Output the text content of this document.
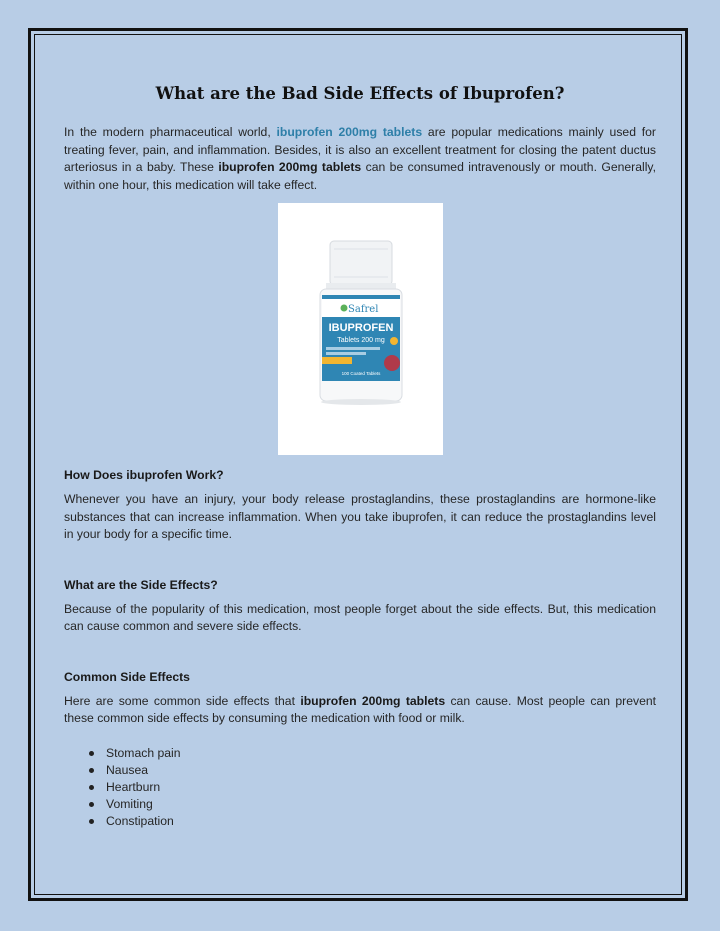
What are the Bad Side Effects of Ibuprofen?

In the modern pharmaceutical world, ibuprofen 200mg tablets are popular medications mainly used for treating fever, pain, and inflammation. Besides, it is also an excellent treatment for closing the patent ductus arteriosus in a baby. These ibuprofen 200mg tablets can be consumed intravenously or mouth. Generally, within one hour, this medication will take effect.

Safrel
IBUPROFEN
Tablets 200 mg
100 Coated Tablets
How Does ibuprofen Work?

Whenever you have an injury, your body release prostaglandins, these prostaglandins are hormone-like substances that can increase inflammation. When you take ibuprofen, it can reduce the prostaglandins level in your body for a specific time.

What are the Side Effects?

Because of the popularity of this medication, most people forget about the side effects. But, this medication can cause common and severe side effects.

Common Side Effects

Here are some common side effects that ibuprofen 200mg tablets can cause. Most people can prevent these common side effects by consuming the medication with food or milk.

Stomach pain
Nausea
Heartburn
Vomiting
Constipation
